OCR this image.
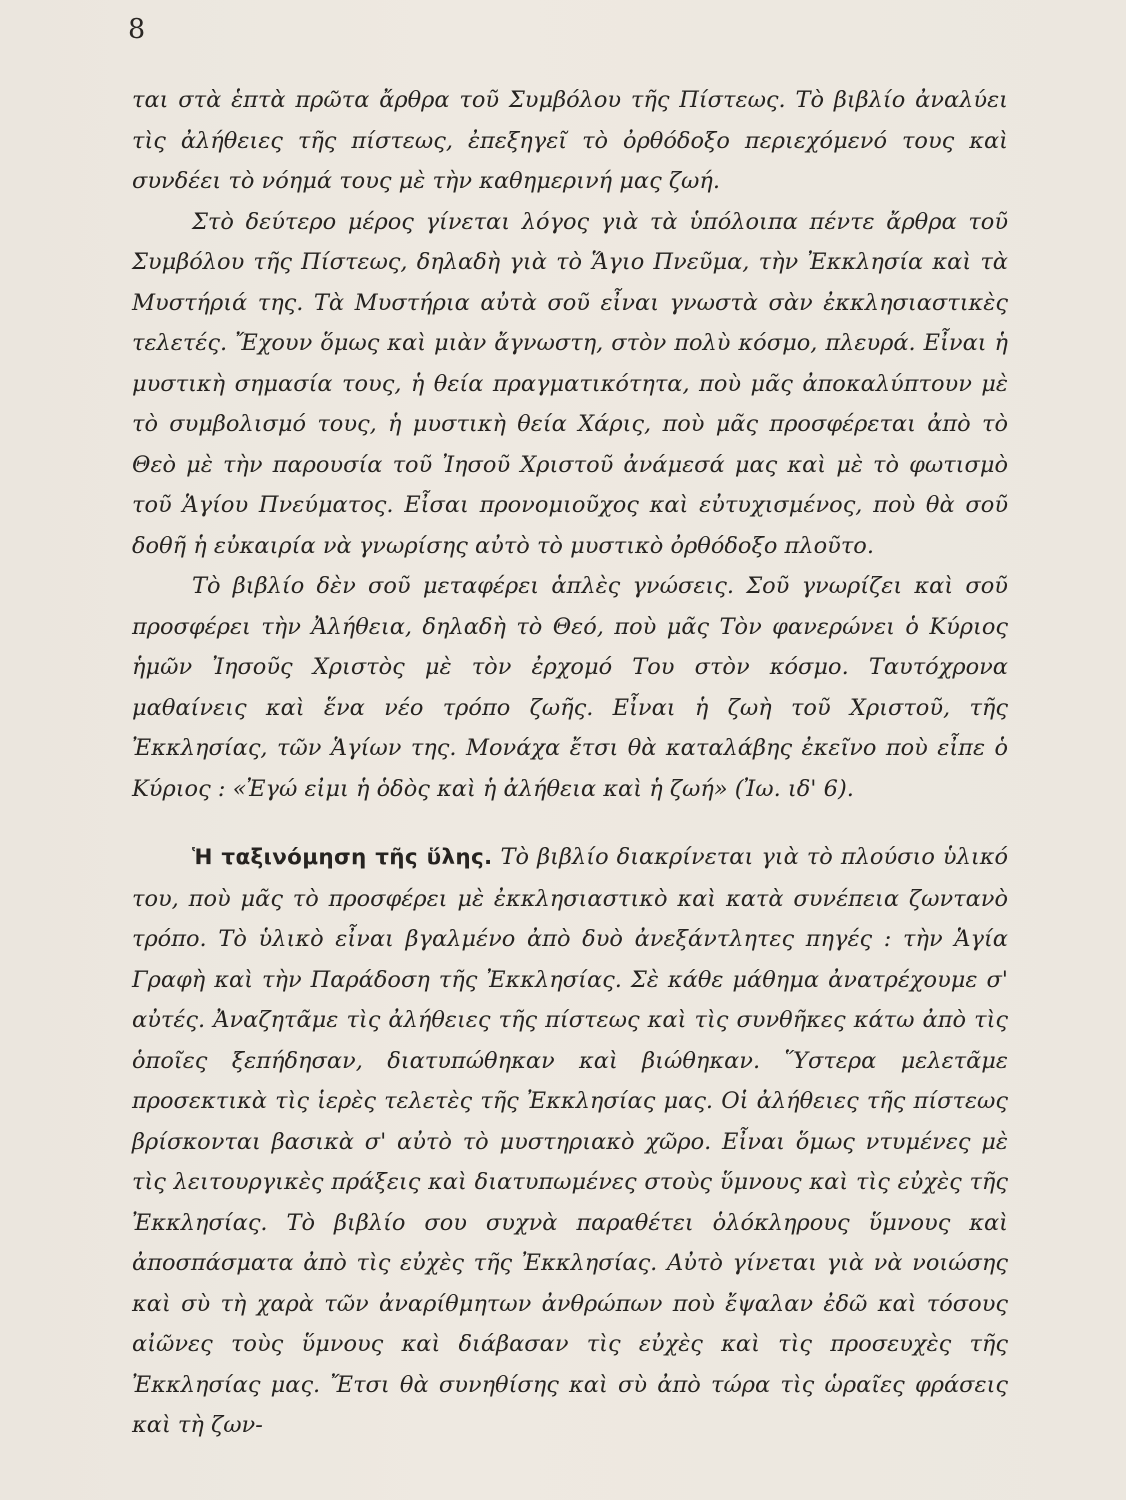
8

ται στὰ ἑπτὰ πρῶτα ἄρθρα τοῦ Συμβόλου τῆς Πίστεως. Τὸ βιβλίο ἀναλύει τὶς ἀλήθειες τῆς πίστεως, ἐπεξηγεῖ τὸ ὀρθόδοξο περιεχόμενό τους καὶ συνδέει τὸ νόημά τους μὲ τὴν καθημερινή μας ζωή.

Στὸ δεύτερο μέρος γίνεται λόγος γιὰ τὰ ὑπόλοιπα πέντε ἄρθρα τοῦ Συμβόλου τῆς Πίστεως, δηλαδὴ γιὰ τὸ Ἅγιο Πνεῦμα, τὴν Ἐκκλησία καὶ τὰ Μυστήριά της. Τὰ Μυστήρια αὐτὰ σοῦ εἶναι γνωστὰ σὰν ἐκκλησιαστικὲς τελετές. Ἔχουν ὅμως καὶ μιὰν ἄγνωστη, στὸν πολὺ κόσμο, πλευρά. Εἶναι ἡ μυστικὴ σημασία τους, ἡ θεία πραγματικότητα, ποὺ μᾶς ἀποκαλύπτουν μὲ τὸ συμβολισμό τους, ἡ μυστικὴ θεία Χάρις, ποὺ μᾶς προσφέρεται ἀπὸ τὸ Θεὸ μὲ τὴν παρουσία τοῦ Ἰησοῦ Χριστοῦ ἀνάμεσά μας καὶ μὲ τὸ φωτισμὸ τοῦ Ἁγίου Πνεύματος. Εἶσαι προνομιοῦχος καὶ εὐτυχισμένος, ποὺ θὰ σοῦ δοθῆ ἡ εὐκαιρία νὰ γνωρίσης αὐτὸ τὸ μυστικὸ ὀρθόδοξο πλοῦτο.

Τὸ βιβλίο δὲν σοῦ μεταφέρει ἁπλὲς γνώσεις. Σοῦ γνωρίζει καὶ σοῦ προσφέρει τὴν Ἀλήθεια, δηλαδὴ τὸ Θεό, ποὺ μᾶς Τὸν φανερώνει ὁ Κύριος ἡμῶν Ἰησοῦς Χριστὸς μὲ τὸν ἐρχομό Του στὸν κόσμο. Ταυτόχρονα μαθαίνεις καὶ ἕνα νέο τρόπο ζωῆς. Εἶναι ἡ ζωὴ τοῦ Χριστοῦ, τῆς Ἐκκλησίας, τῶν Ἁγίων της. Μονάχα ἔτσι θὰ καταλάβης ἐκεῖνο ποὺ εἶπε ὁ Κύριος : «Ἐγώ εἰμι ἡ ὁδὸς καὶ ἡ ἀλήθεια καὶ ἡ ζωή» (Ἰω. ιδ' 6).

Ἡ ταξινόμηση τῆς ὕλης. Τὸ βιβλίο διακρίνεται γιὰ τὸ πλούσιο ὑλικό του, ποὺ μᾶς τὸ προσφέρει μὲ ἐκκλησιαστικὸ καὶ κατὰ συνέπεια ζωντανὸ τρόπο. Τὸ ὑλικὸ εἶναι βγαλμένο ἀπὸ δυὸ ἀνεξάντλητες πηγές : τὴν Ἁγία Γραφὴ καὶ τὴν Παράδοση τῆς Ἐκκλησίας. Σὲ κάθε μάθημα ἀνατρέχουμε σ' αὐτές. Ἀναζητᾶμε τὶς ἀλήθειες τῆς πίστεως καὶ τὶς συνθῆκες κάτω ἀπὸ τὶς ὁποῖες ξεπήδησαν, διατυπώθηκαν καὶ βιώθηκαν. Ὕστερα μελετᾶμε προσεκτικὰ τὶς ἱερὲς τελετὲς τῆς Ἐκκλησίας μας. Οἱ ἀλήθειες τῆς πίστεως βρίσκονται βασικὰ σ' αὐτὸ τὸ μυστηριακὸ χῶρο. Εἶναι ὅμως ντυμένες μὲ τὶς λειτουργικὲς πράξεις καὶ διατυπωμένες στοὺς ὕμνους καὶ τὶς εὐχὲς τῆς Ἐκκλησίας. Τὸ βιβλίο σου συχνὰ παραθέτει ὁλόκληρους ὕμνους καὶ ἀποσπάσματα ἀπὸ τὶς εὐχὲς τῆς Ἐκκλησίας. Αὐτὸ γίνεται γιὰ νὰ νοιώσης καὶ σὺ τὴ χαρὰ τῶν ἀναρίθμητων ἀνθρώπων ποὺ ἔψαλαν ἐδῶ καὶ τόσους αἰῶνες τοὺς ὕμνους καὶ διάβασαν τὶς εὐχὲς καὶ τὶς προσευχὲς τῆς Ἐκκλησίας μας. Ἔτσι θὰ συνηθίσης καὶ σὺ ἀπὸ τώρα τὶς ὡραῖες φράσεις καὶ τὴ ζων-
